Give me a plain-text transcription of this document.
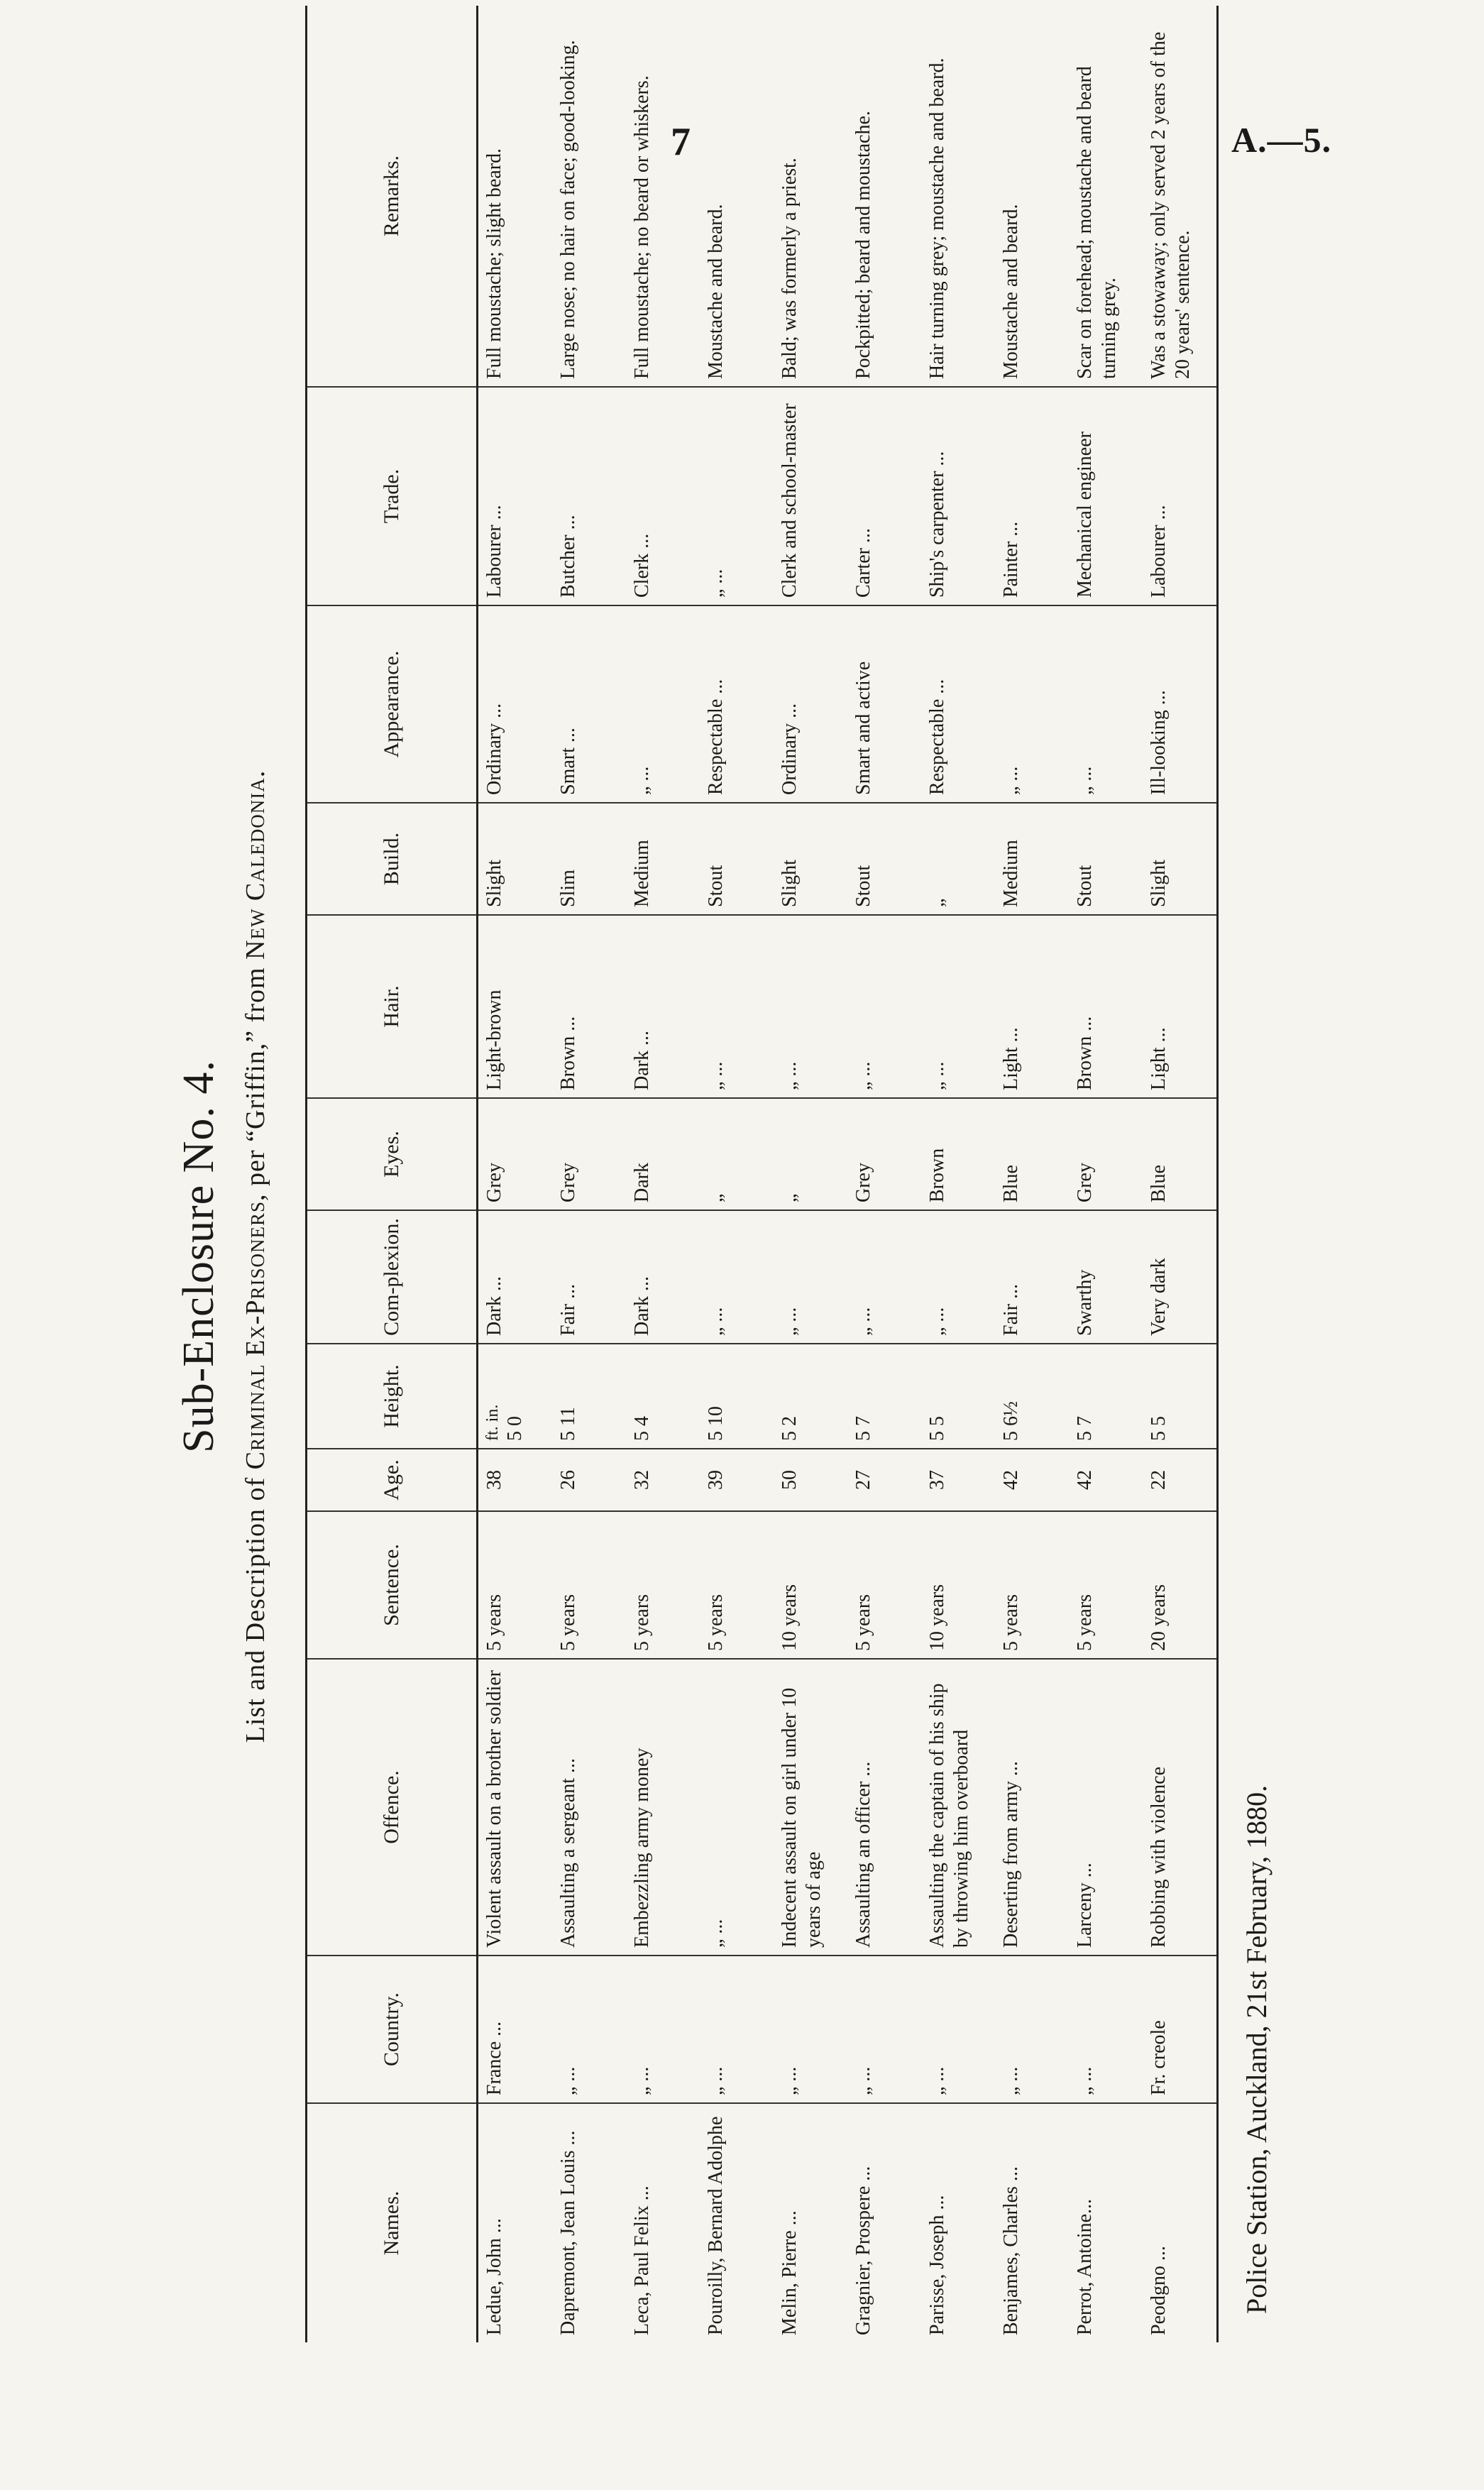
7	A.—5.
Sub-Enclosure No. 4.
List and Description of Criminal Ex-Prisoners, per “Griffin,” from New Caledonia.
Names.	Country.	Offence.	Sentence.	Age.	Height.	Com-plexion.	Eyes.	Hair.	Build.	Appearance.	Trade.	Remarks.
Ledue, John ...	France ...	Violent assault on a brother soldier	5 years	38	ft. in. 5 0	Dark ...	Grey	Light-brown	Slight	Ordinary ...	Labourer ...	Full moustache; slight beard.
Dapremont, Jean Louis ...	„ ...	Assaulting a sergeant ...	5 years	26	5 11	Fair ...	Grey	Brown ...	Slim	Smart ...	Butcher ...	Large nose; no hair on face; good-looking.
Leca, Paul Felix ...	„ ...	Embezzling army money	5 years	32	5 4	Dark ...	Dark	Dark ...	Medium	„ ...	Clerk ...	Full moustache; no beard or whiskers.
Pouroilly, Bernard Adolphe	„ ...	„ ...	5 years	39	5 10	„ ...	„	„ ...	Stout	Respectable ...	„ ...	Moustache and beard.
Melin, Pierre ...	„ ...	Indecent assault on girl under 10 years of age	10 years	50	5 2	„ ...	„	„ ...	Slight	Ordinary ...	Clerk and school-master	Bald; was formerly a priest.
Gragnier, Prospere ...	„ ...	Assaulting an officer ...	5 years	27	5 7	„ ...	Grey	„ ...	Stout	Smart and active	Carter ...	Pockpitted; beard and moustache.
Parisse, Joseph ...	„ ...	Assaulting the captain of his ship by throwing him overboard	10 years	37	5 5	„ ...	Brown	„ ...	„	Respectable ...	Ship's carpenter ...	Hair turning grey; moustache and beard.
Benjames, Charles ...	„ ...	Deserting from army ...	5 years	42	5 6½	Fair ...	Blue	Light ...	Medium	„ ...	Painter ...	Moustache and beard.
Perrot, Antoine...	„ ...	Larceny ...	5 years	42	5 7	Swarthy	Grey	Brown ...	Stout	„ ...	Mechanical engineer	Scar on forehead; moustache and beard turning grey.
Peodgno ...	Fr. creole	Robbing with violence	20 years	22	5 5	Very dark	Blue	Light ...	Slight	Ill-looking ...	Labourer ...	Was a stowaway; only served 2 years of the 20 years' sentence.
Police Station, Auckland, 21st February, 1880.
